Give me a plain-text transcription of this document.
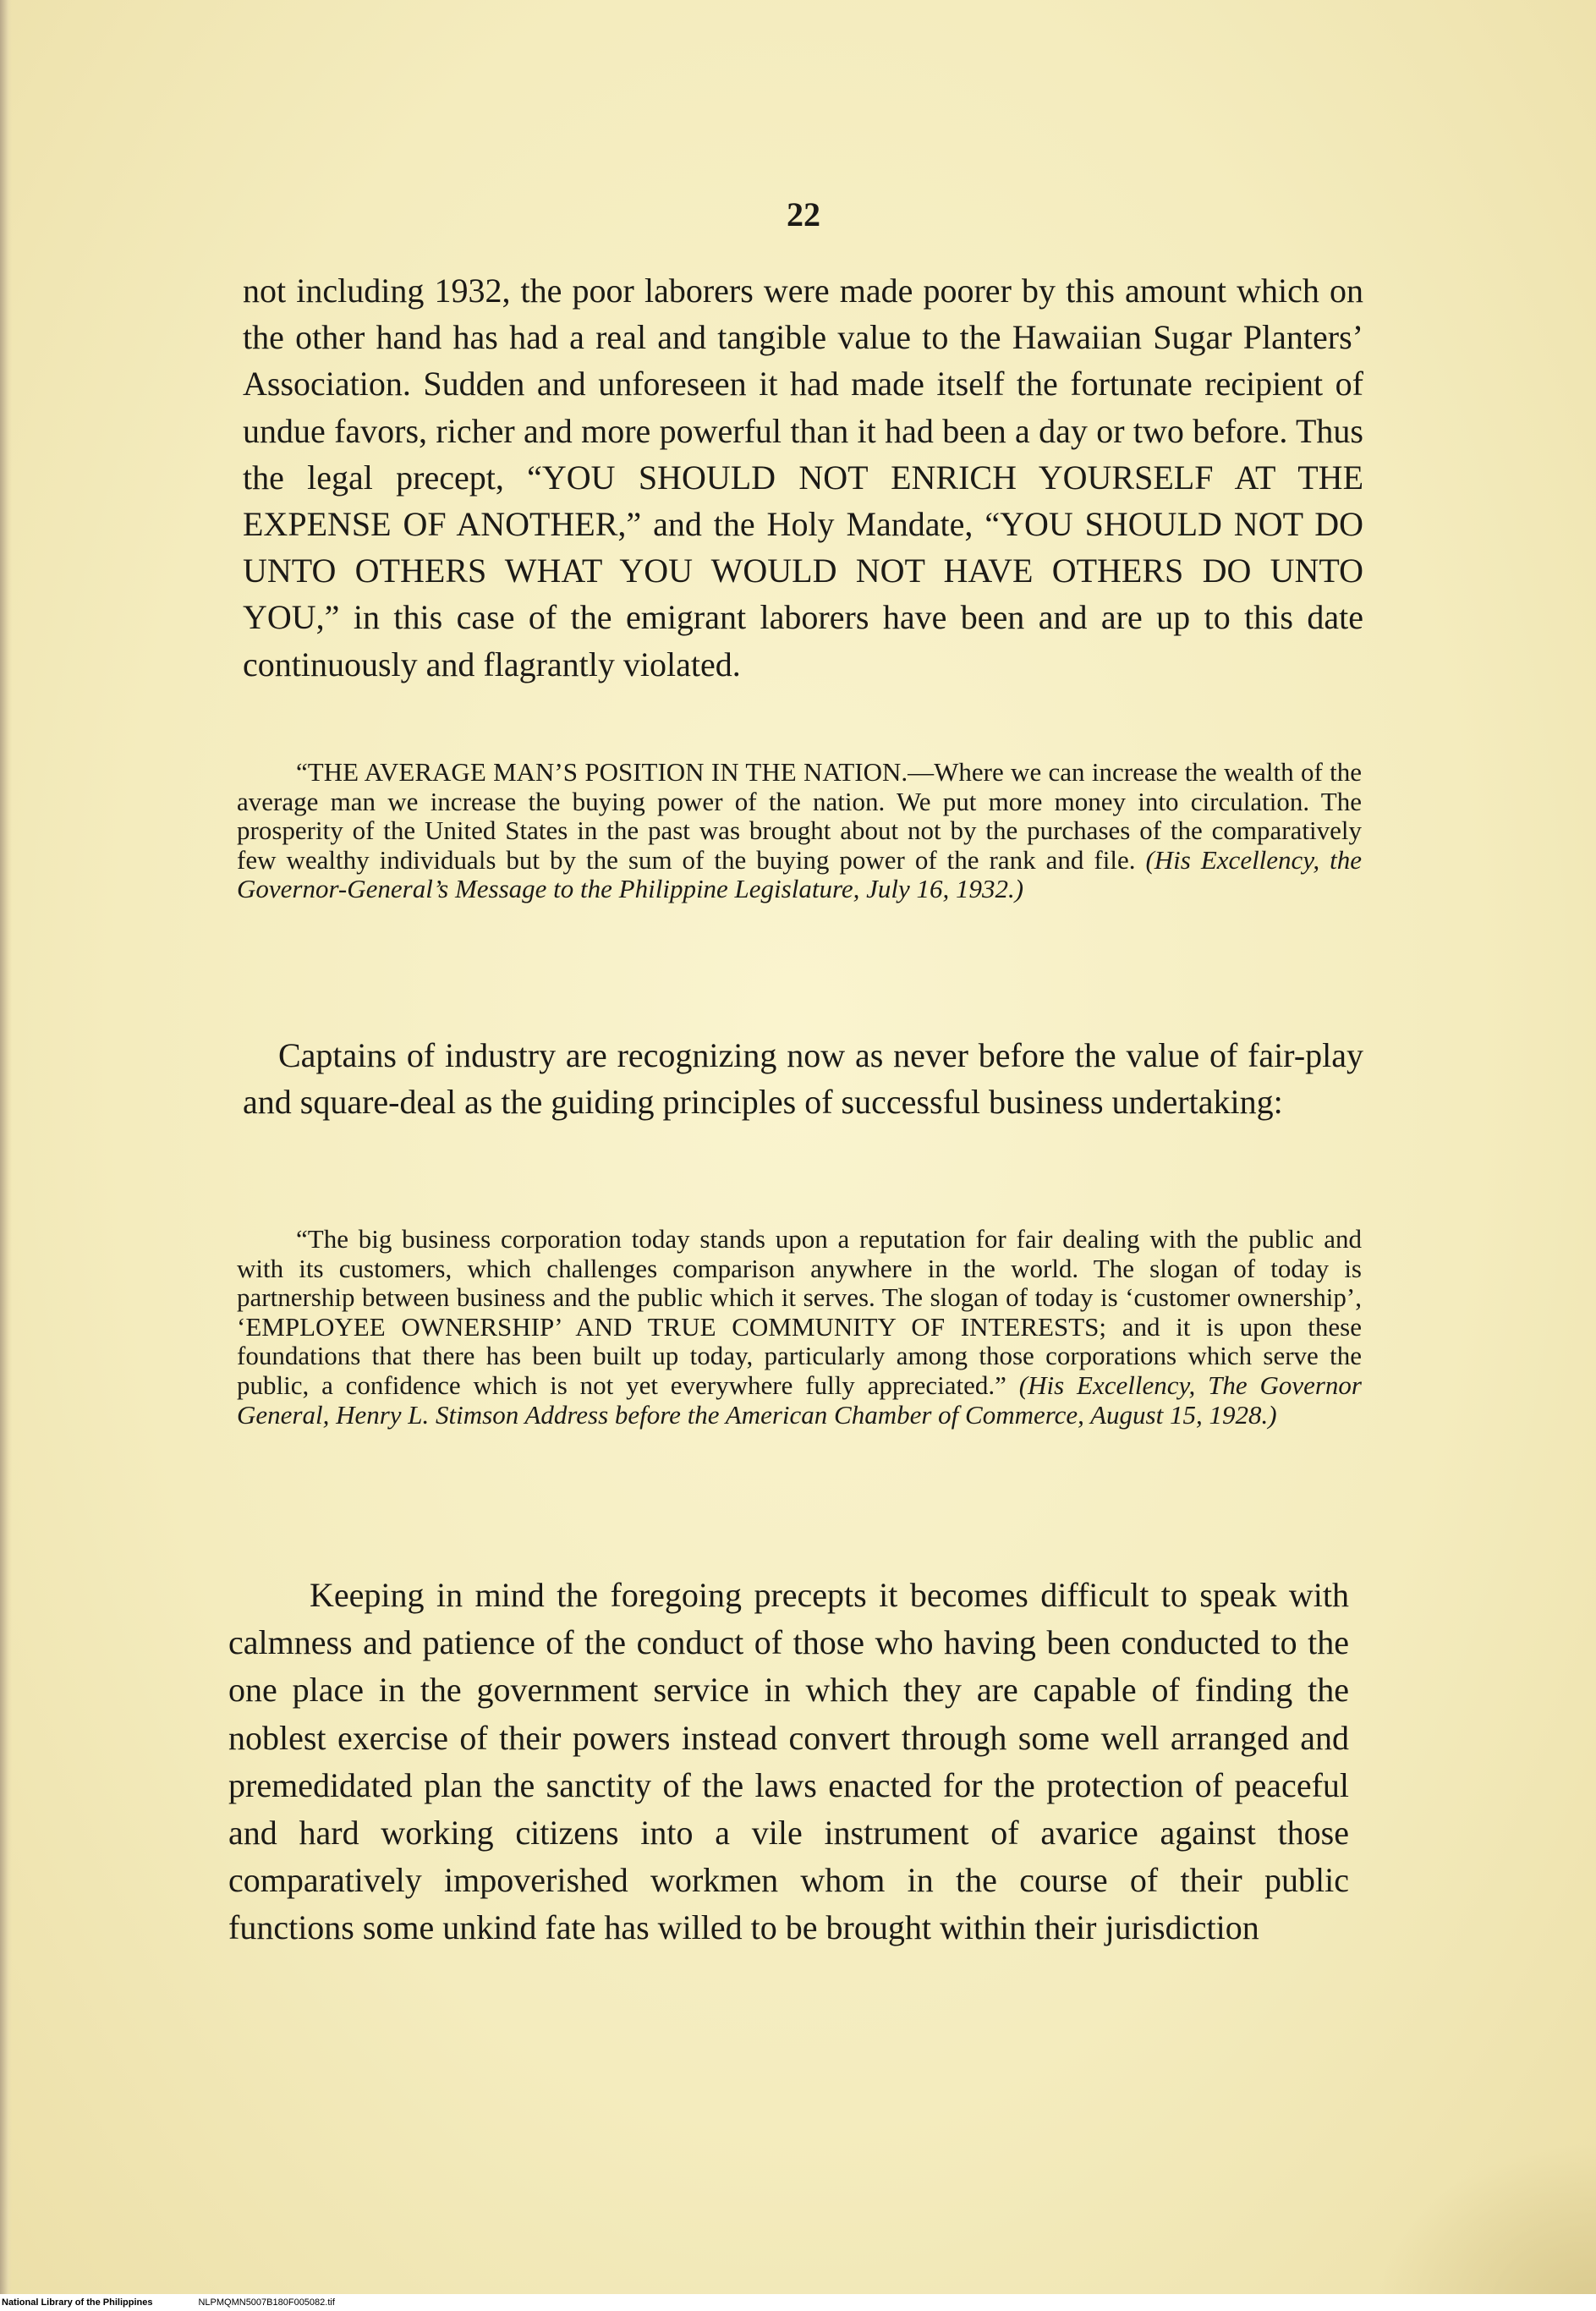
22

not including 1932, the poor laborers were made poorer by this amount which on the other hand has had a real and tangible value to the Hawaiian Sugar Planters’ Association. Sudden and unforeseen it had made itself the fortunate recipient of undue favors, richer and more powerful than it had been a day or two before. Thus the legal precept, “YOU SHOULD NOT ENRICH YOURSELF AT THE EXPENSE OF ANOTHER,” and the Holy Mandate, “YOU SHOULD NOT DO UNTO OTHERS WHAT YOU WOULD NOT HAVE OTHERS DO UNTO YOU,” in this case of the emigrant laborers have been and are up to this date continuously and flagrantly violated.

“THE AVERAGE MAN’S POSITION IN THE NATION.—Where we can increase the wealth of the average man we increase the buying power of the nation. We put more money into circulation. The prosperity of the United States in the past was brought about not by the purchases of the comparatively few wealthy individuals but by the sum of the buying power of the rank and file. (His Excellency, the Governor-General’s Message to the Philippine Legislature, July 16, 1932.)

Captains of industry are recognizing now as never before the value of fair-play and square-deal as the guiding principles of successful business undertaking:

“The big business corporation today stands upon a reputation for fair dealing with the public and with its customers, which challenges comparison anywhere in the world. The slogan of today is partnership between business and the public which it serves. The slogan of today is ‘customer ownership’, ‘EMPLOYEE OWNERSHIP’ AND TRUE COMMUNITY OF INTERESTS; and it is upon these foundations that there has been built up today, particularly among those corporations which serve the public, a confidence which is not yet everywhere fully appreciated.” (His Excellency, The Governor General, Henry L. Stimson Address before the American Chamber of Commerce, August 15, 1928.)

Keeping in mind the foregoing precepts it becomes difficult to speak with calmness and patience of the conduct of those who having been conducted to the one place in the government service in which they are capable of finding the noblest exercise of their powers instead convert through some well arranged and premedidated plan the sanctity of the laws enacted for the protection of peaceful and hard working citizens into a vile instrument of avarice against those comparatively impoverished workmen whom in the course of their public functions some unkind fate has willed to be brought within their jurisdiction

National Library of the Philippines	NLPMQMN5007B180F005082.tif
